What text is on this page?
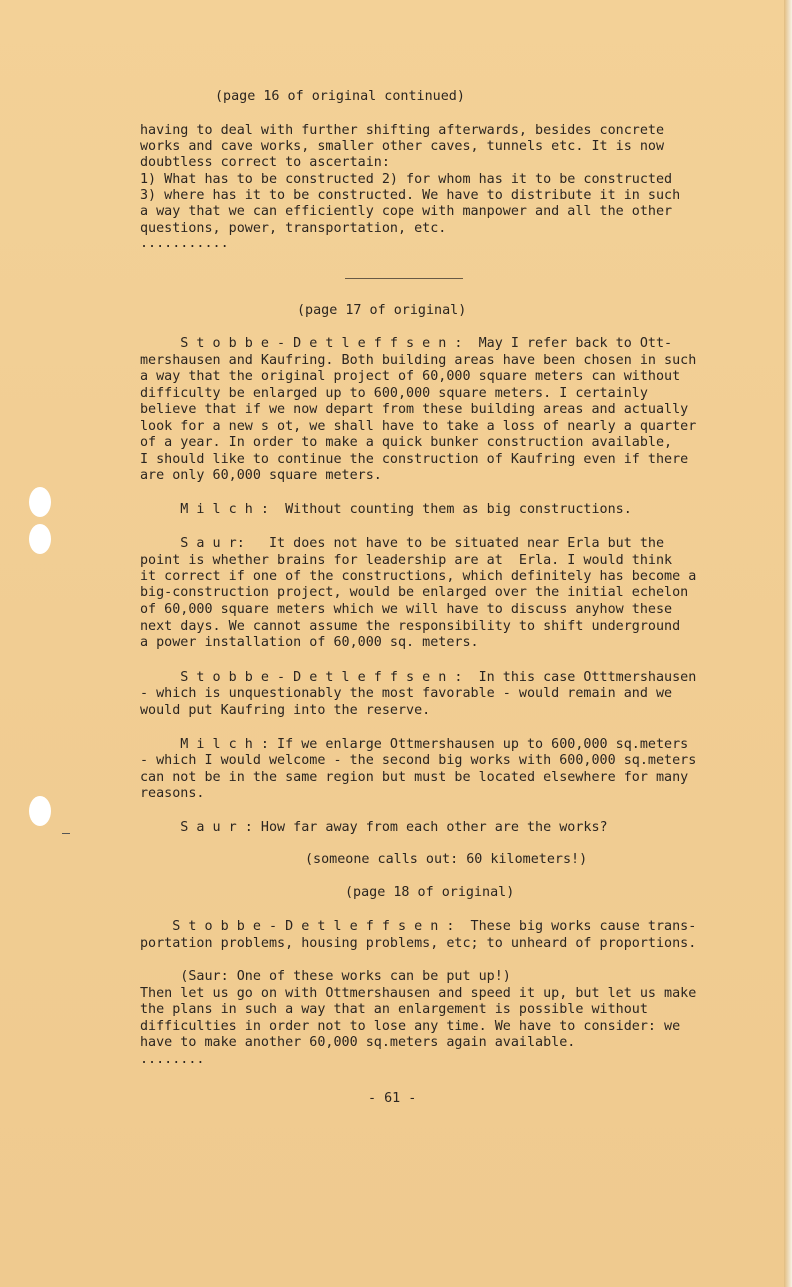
(page 16 of original continued)
having to deal with further shifting afterwards, besides concrete
works and cave works, smaller other caves, tunnels etc. It is now
doubtless correct to ascertain:
1) What has to be constructed 2) for whom has it to be constructed
3) where has it to be constructed. We have to distribute it in such
a way that we can efficiently cope with manpower and all the other
questions, power, transportation, etc.
...........
(page 17 of original)
S t o b b e - D e t l e f f s e n :  May I refer back to Ott-
mershausen and Kaufring. Both building areas have been chosen in such
a way that the original project of 60,000 square meters can without
difficulty be enlarged up to 600,000 square meters. I certainly
believe that if we now depart from these building areas and actually
look for a new s ot, we shall have to take a loss of nearly a quarter
of a year. In order to make a quick bunker construction available,
I should like to continue the construction of Kaufring even if there
are only 60,000 square meters.
M i l c h :  Without counting them as big constructions.
S a u r:   It does not have to be situated near Erla but the
point is whether brains for leadership are at  Erla. I would think
it correct if one of the constructions, which definitely has become a
big-construction project, would be enlarged over the initial echelon
of 60,000 square meters which we will have to discuss anyhow these
next days. We cannot assume the responsibility to shift underground
a power installation of 60,000 sq. meters.
S t o b b e - D e t l e f f s e n :  In this case Otttmershausen
- which is unquestionably the most favorable - would remain and we
would put Kaufring into the reserve.
M i l c h : If we enlarge Ottmershausen up to 600,000 sq.meters
- which I would welcome - the second big works with 600,000 sq.meters
can not be in the same region but must be located elsewhere for many
reasons.
S a u r : How far away from each other are the works?
(someone calls out: 60 kilometers!)
(page 18 of original)
S t o b b e - D e t l e f f s e n :  These big works cause trans-
portation problems, housing problems, etc; to unheard of proportions.
(Saur: One of these works can be put up!)
Then let us go on with Ottmershausen and speed it up, but let us make
the plans in such a way that an enlargement is possible without
difficulties in order not to lose any time. We have to consider: we
have to make another 60,000 sq.meters again available.
........
- 61 -
